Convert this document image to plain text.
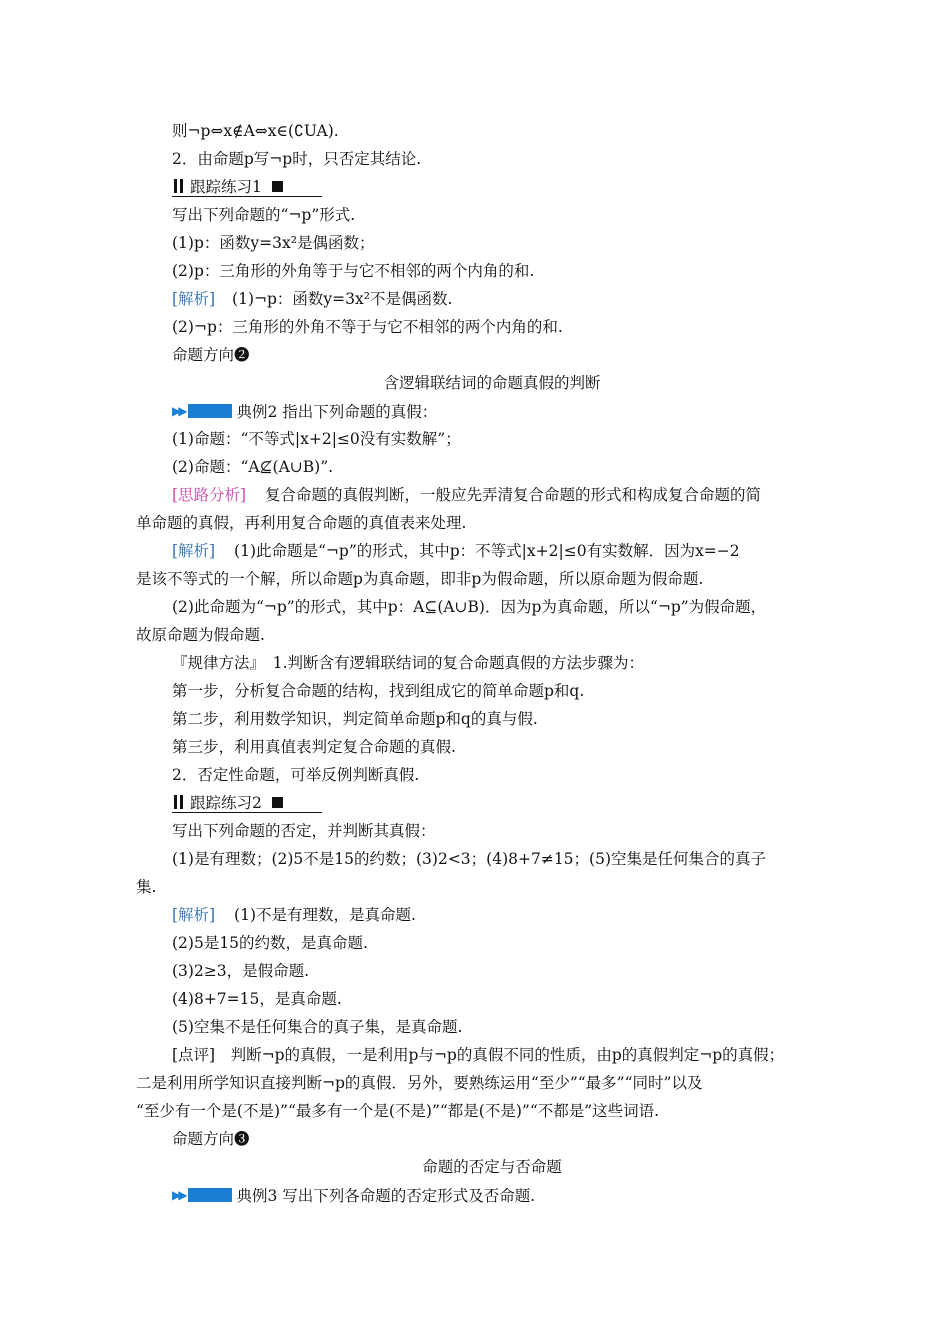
则¬p⇔x∉A⇔x∈(∁UA).
2．由命题p写¬p时，只否定其结论.
跟踪练习1
写出下列命题的“¬p”形式.
(1)p：函数y=3x²是偶函数；
(2)p：三角形的外角等于与它不相邻的两个内角的和.
[解析] (1)¬p：函数y=3x²不是偶函数.
(2)¬p：三角形的外角不等于与它不相邻的两个内角的和.
命题方向❷
含逻辑联结词的命题真假的判断
▶▶	典例2 指出下列命题的真假：
(1)命题：“不等式|x+2|≤0没有实数解”；
(2)命题：“A⊈(A∪B)”.
[思路分析] 复合命题的真假判断，一般应先弄清复合命题的形式和构成复合命题的简
单命题的真假，再利用复合命题的真值表来处理.
[解析] (1)此命题是“¬p”的形式，其中p：不等式|x+2|≤0有实数解．因为x=−2
是该不等式的一个解，所以命题p为真命题，即非p为假命题，所以原命题为假命题.
(2)此命题为“¬p”的形式，其中p：A⊆(A∪B)．因为p为真命题，所以“¬p”为假命题，
故原命题为假命题.
『规律方法』　1.判断含有逻辑联结词的复合命题真假的方法步骤为：
第一步，分析复合命题的结构，找到组成它的简单命题p和q.
第二步，利用数学知识，判定简单命题p和q的真与假.
第三步，利用真值表判定复合命题的真假.
2．否定性命题，可举反例判断真假.
跟踪练习2
写出下列命题的否定，并判断其真假：
(1)是有理数；(2)5不是15的约数；(3)2<3；(4)8+7≠15；(5)空集是任何集合的真子
集.
[解析] (1)不是有理数，是真命题.
(2)5是15的约数，是真命题.
(3)2≥3，是假命题.
(4)8+7=15，是真命题.
(5)空集不是任何集合的真子集，是真命题.
[点评]　判断¬p的真假，一是利用p与¬p的真假不同的性质，由p的真假判定¬p的真假；
二是利用所学知识直接判断¬p的真假．另外，要熟练运用“至少”“最多”“同时”以及
“至少有一个是(不是)”“最多有一个是(不是)”“都是(不是)”“不都是”这些词语.
命题方向❸
命题的否定与否命题
▶▶	典例3 写出下列各命题的否定形式及否命题.
